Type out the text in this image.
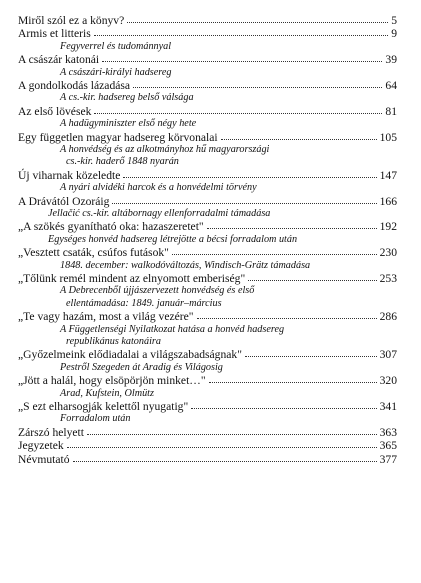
Miről szól ez a könyv?	5
Armis et litteris	9
Fegyverrel és tudománnyal
A császár katonái	39
A császári-királyi hadsereg
A gondolkodás lázadása	64
A cs.-kir. hadsereg belső válsága
Az első lövések	81
A hadügyminiszter első négy hete
Egy független magyar hadsereg körvonalai	105
A honvédség és az alkotmányhoz hű magyarországi
cs.-kir. haderő 1848 nyarán
Új viharnak közeledte	147
A nyári alvidéki harcok és a honvédelmi törvény
A Drávától Ozoráig	166
Jellačić cs.-kir. altábornagy ellenforradalmi támadása
„A szökés gyanítható oka: hazaszeretet"	192
Egységes honvéd hadsereg létrejötte a bécsi forradalom után
„Vesztett csaták, csúfos futások"	230
1848. december: walkodóváltozás, Windisch-Grätz támadása
„Tőlünk remél mindent az elnyomott emberiség"	253
A Debrecenből újjászervezett honvédség és első
ellentámadása: 1849. január–március
„Te vagy hazám, most a világ vezére"	286
A Függetlenségi Nyilatkozat hatása a honvéd hadsereg
republikánus katonáira
„Győzelmeink elődiadalai a világszabadságnak"	307
Pestről Szegeden át Aradig és Világosig
„Jött a halál, hogy elsöpörjön minket…"	320
Arad, Kufstein, Olmütz
„S ezt elharsogják kelettől nyugatig"	341
Forradalom után
Zárszó helyett	363
Jegyzetek	365
Névmutató	377
